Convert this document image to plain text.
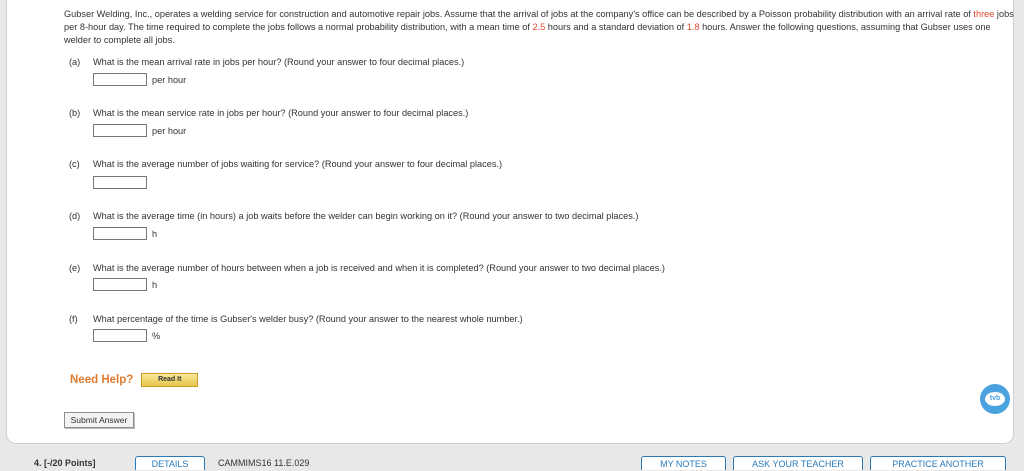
Gubser Welding, Inc., operates a welding service for construction and automotive repair jobs. Assume that the arrival of jobs at the company's office can be described by a Poisson probability distribution with an arrival rate of three jobs per 8-hour day. The time required to complete the jobs follows a normal probability distribution, with a mean time of 2.5 hours and a standard deviation of 1.8 hours. Answer the following questions, assuming that Gubser uses one welder to complete all jobs.
(a) What is the mean arrival rate in jobs per hour? (Round your answer to four decimal places.)
per hour
(b) What is the mean service rate in jobs per hour? (Round your answer to four decimal places.)
per hour
(c) What is the average number of jobs waiting for service? (Round your answer to four decimal places.)
(d) What is the average time (in hours) a job waits before the welder can begin working on it? (Round your answer to two decimal places.)
h
(e) What is the average number of hours between when a job is received and when it is completed? (Round your answer to two decimal places.)
h
(f) What percentage of the time is Gubser's welder busy? (Round your answer to the nearest whole number.)
%
Need Help?	Read It
Submit Answer
tvb
4. [-/20 Points]	DETAILS	CAMMIMS16 11.E.029	MY NOTES	ASK YOUR TEACHER	PRACTICE ANOTHER
